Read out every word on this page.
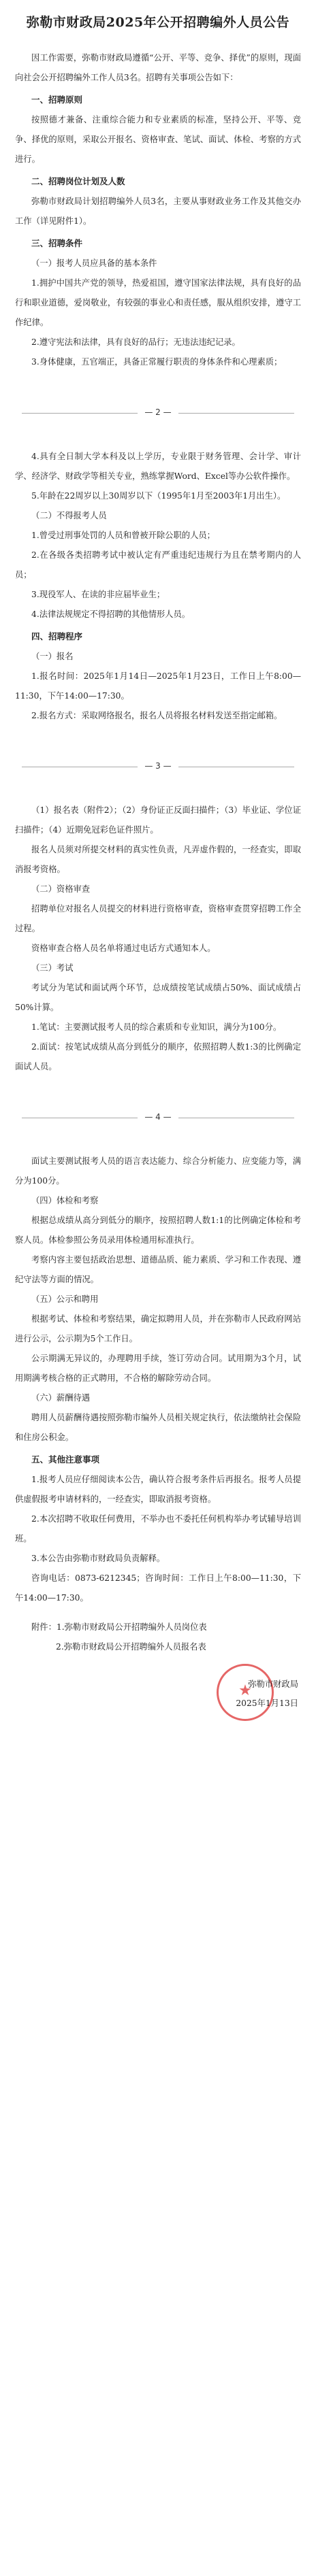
弥勒市财政局2025年公开招聘编外人员公告

因工作需要，弥勒市财政局遵循“公开、平等、竞争、择优”的原则，现面向社会公开招聘编外工作人员3名。招聘有关事项公告如下：

一、招聘原则

按照德才兼备、注重综合能力和专业素质的标准，坚持公开、平等、竞争、择优的原则，采取公开报名、资格审查、笔试、面试、体检、考察的方式进行。

二、招聘岗位计划及人数

弥勒市财政局计划招聘编外人员3名，主要从事财政业务工作及其他交办工作（详见附件1）。

三、招聘条件

（一）报考人员应具备的基本条件

1.拥护中国共产党的领导，热爱祖国，遵守国家法律法规，具有良好的品行和职业道德，爱岗敬业，有较强的事业心和责任感，服从组织安排，遵守工作纪律。

2.遵守宪法和法律，具有良好的品行；无违法违纪记录。

3.身体健康，五官端正，具备正常履行职责的身体条件和心理素质；

— 2 —

4.具有全日制大学本科及以上学历，专业限于财务管理、会计学、审计学、经济学、财政学等相关专业，熟练掌握Word、Excel等办公软件操作。

5.年龄在22周岁以上30周岁以下（1995年1月至2003年1月出生）。

（二）不得报考人员

1.曾受过刑事处罚的人员和曾被开除公职的人员；

2.在各级各类招聘考试中被认定有严重违纪违规行为且在禁考期内的人员；

3.现役军人、在读的非应届毕业生；

4.法律法规规定不得招聘的其他情形人员。

四、招聘程序

（一）报名

1.报名时间：2025年1月14日—2025年1月23日，工作日上午8:00—11:30，下午14:00—17:30。

2.报名方式：采取网络报名，报名人员将报名材料发送至指定邮箱。

— 3 —

（1）报名表（附件2）；（2）身份证正反面扫描件；（3）毕业证、学位证扫描件；（4）近期免冠彩色证件照片。

报名人员须对所提交材料的真实性负责，凡弄虚作假的，一经查实，即取消报考资格。

（二）资格审查

招聘单位对报名人员提交的材料进行资格审查，资格审查贯穿招聘工作全过程。

资格审查合格人员名单将通过电话方式通知本人。

（三）考试

考试分为笔试和面试两个环节，总成绩按笔试成绩占50%、面试成绩占50%计算。

1.笔试：主要测试报考人员的综合素质和专业知识，满分为100分。

2.面试：按笔试成绩从高分到低分的顺序，依照招聘人数1:3的比例确定面试人员。

— 4 —

面试主要测试报考人员的语言表达能力、综合分析能力、应变能力等，满分为100分。

（四）体检和考察

根据总成绩从高分到低分的顺序，按照招聘人数1:1的比例确定体检和考察人员。体检参照公务员录用体检通用标准执行。

考察内容主要包括政治思想、道德品质、能力素质、学习和工作表现、遵纪守法等方面的情况。

（五）公示和聘用

根据考试、体检和考察结果，确定拟聘用人员，并在弥勒市人民政府网站进行公示，公示期为5个工作日。

公示期满无异议的，办理聘用手续，签订劳动合同。试用期为3个月，试用期满考核合格的正式聘用，不合格的解除劳动合同。

（六）薪酬待遇

聘用人员薪酬待遇按照弥勒市编外人员相关规定执行，依法缴纳社会保险和住房公积金。

五、其他注意事项

1.报考人员应仔细阅读本公告，确认符合报考条件后再报名。报考人员提供虚假报考申请材料的，一经查实，即取消报考资格。

2.本次招聘不收取任何费用，不举办也不委托任何机构举办考试辅导培训班。

3.本公告由弥勒市财政局负责解释。

咨询电话：0873-6212345；咨询时间：工作日上午8:00—11:30，下午14:00—17:30。

附件：1.弥勒市财政局公开招聘编外人员岗位表

2.弥勒市财政局公开招聘编外人员报名表

★
弥勒市财政局
2025年1月13日
